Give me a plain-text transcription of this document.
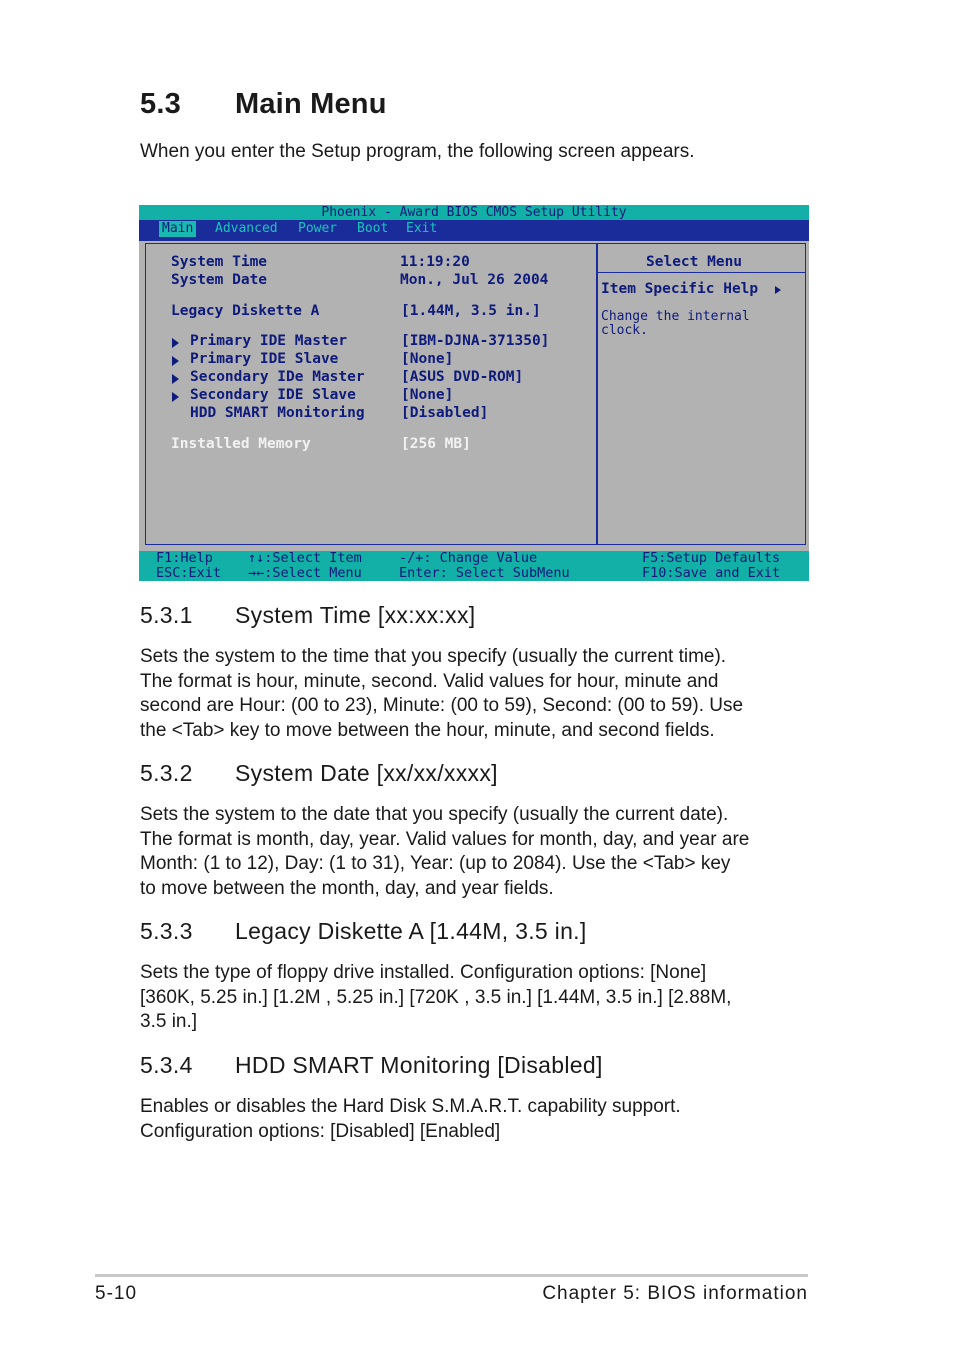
5.3 Main Menu

When you enter the Setup program, the following screen appears.

Phoenix - Award BIOS CMOS Setup Utility
Main Advanced Power Boot Exit
System Time	11:19:20
System Date	Mon., Jul 26 2004
Legacy Diskette A	[1.44M, 3.5 in.]
Primary IDE Master	[IBM-DJNA-371350]
Primary IDE Slave	[None]
Secondary IDe Master	[ASUS DVD-ROM]
Secondary IDE Slave	[None]
HDD SMART Monitoring	[Disabled]
Installed Memory	[256 MB]
Select Menu
Item Specific Help
Change the internal
clock.
F1:Help
ESC:Exit
↑↓:Select Item
→←:Select Menu
-/+: Change Value
Enter: Select SubMenu
F5:Setup Defaults
F10:Save and Exit
5.3.1 System Time [xx:xx:xx]

Sets the system to the time that you specify (usually the current time).
The format is hour, minute, second. Valid values for hour, minute and
second are Hour: (00 to 23), Minute: (00 to 59), Second: (00 to 59). Use
the <Tab> key to move between the hour, minute, and second fields.

5.3.2 System Date [xx/xx/xxxx]

Sets the system to the date that you specify (usually the current date).
The format is month, day, year. Valid values for month, day, and year are
Month: (1 to 12), Day: (1 to 31), Year: (up to 2084). Use the <Tab> key
to move between the month, day, and year fields.

5.3.3 Legacy Diskette A [1.44M, 3.5 in.]

Sets the type of floppy drive installed. Configuration options: [None]
[360K, 5.25 in.] [1.2M , 5.25 in.] [720K , 3.5 in.] [1.44M, 3.5 in.] [2.88M,
3.5 in.]

5.3.4 HDD SMART Monitoring [Disabled]

Enables or disables the Hard Disk S.M.A.R.T. capability support.
Configuration options: [Disabled] [Enabled]

5-10	Chapter 5: BIOS information
